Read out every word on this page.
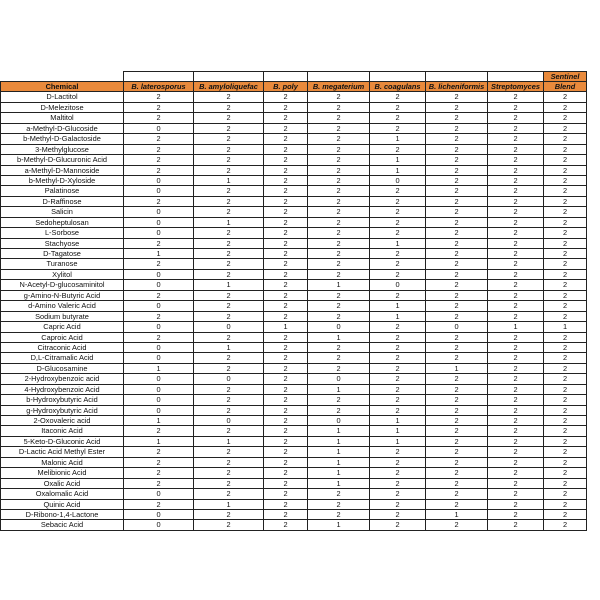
								Sentinel
Chemical	B. laterosporus	B. amyloliquefac	B. poly	B. megaterium	B. coagulans	B. licheniformis	Streptomyces	Blend
D-Lactitol	2	2	2	2	2	2	2	2
D-Melezitose	2	2	2	2	2	2	2	2
Maltitol	2	2	2	2	2	2	2	2
a-Methyl-D-Glucoside	0	2	2	2	2	2	2	2
b-Methyl-D-Galactoside	2	2	2	2	1	2	2	2
3-Methylglucose	2	2	2	2	2	2	2	2
b-Methyl-D-Glucuronic Acid	2	2	2	2	1	2	2	2
a-Methyl-D-Mannoside	2	2	2	2	1	2	2	2
b-Methyl-D-Xyloside	0	1	2	2	0	2	2	2
Palatinose	0	2	2	2	2	2	2	2
D-Raffinose	2	2	2	2	2	2	2	2
Salicin	0	2	2	2	2	2	2	2
Sedoheptulosan	0	1	2	2	2	2	2	2
L-Sorbose	0	2	2	2	2	2	2	2
Stachyose	2	2	2	2	1	2	2	2
D-Tagatose	1	2	2	2	2	2	2	2
Turanose	2	2	2	2	2	2	2	2
Xylitol	0	2	2	2	2	2	2	2
N-Acetyl-D-glucosaminitol	0	1	2	1	0	2	2	2
g-Amino-N-Butyric Acid	2	2	2	2	2	2	2	2
d-Amino Valeric Acid	0	2	2	2	1	2	2	2
Sodium butyrate	2	2	2	2	1	2	2	2
Capric Acid	0	0	1	0	2	0	1	1
Caproic Acid	2	2	2	1	2	2	2	2
Citraconic Acid	0	1	2	2	2	2	2	2
D,L-Citramalic Acid	0	2	2	2	2	2	2	2
D-Glucosamine	1	2	2	2	2	1	2	2
2-Hydroxybenzoic acid	0	0	2	0	2	2	2	2
4-Hydroxybenzoic Acid	0	2	2	1	2	2	2	2
b-Hydroxybutyric Acid	0	2	2	2	2	2	2	2
g-Hydroxybutyric Acid	0	2	2	2	2	2	2	2
2-Oxovaleric acid	1	0	2	0	1	2	2	2
Itaconic Acid	2	2	2	1	1	2	2	2
5-Keto-D-Gluconic Acid	1	1	2	1	1	2	2	2
D-Lactic Acid Methyl Ester	2	2	2	1	2	2	2	2
Malonic Acid	2	2	2	1	2	2	2	2
Melibionic Acid	2	2	2	1	2	2	2	2
Oxalic Acid	2	2	2	1	2	2	2	2
Oxalomalic Acid	0	2	2	2	2	2	2	2
Quinic Acid	2	1	2	2	2	2	2	2
D-Ribono-1,4-Lactone	0	2	2	2	2	1	2	2
Sebacic Acid	0	2	2	1	2	2	2	2
